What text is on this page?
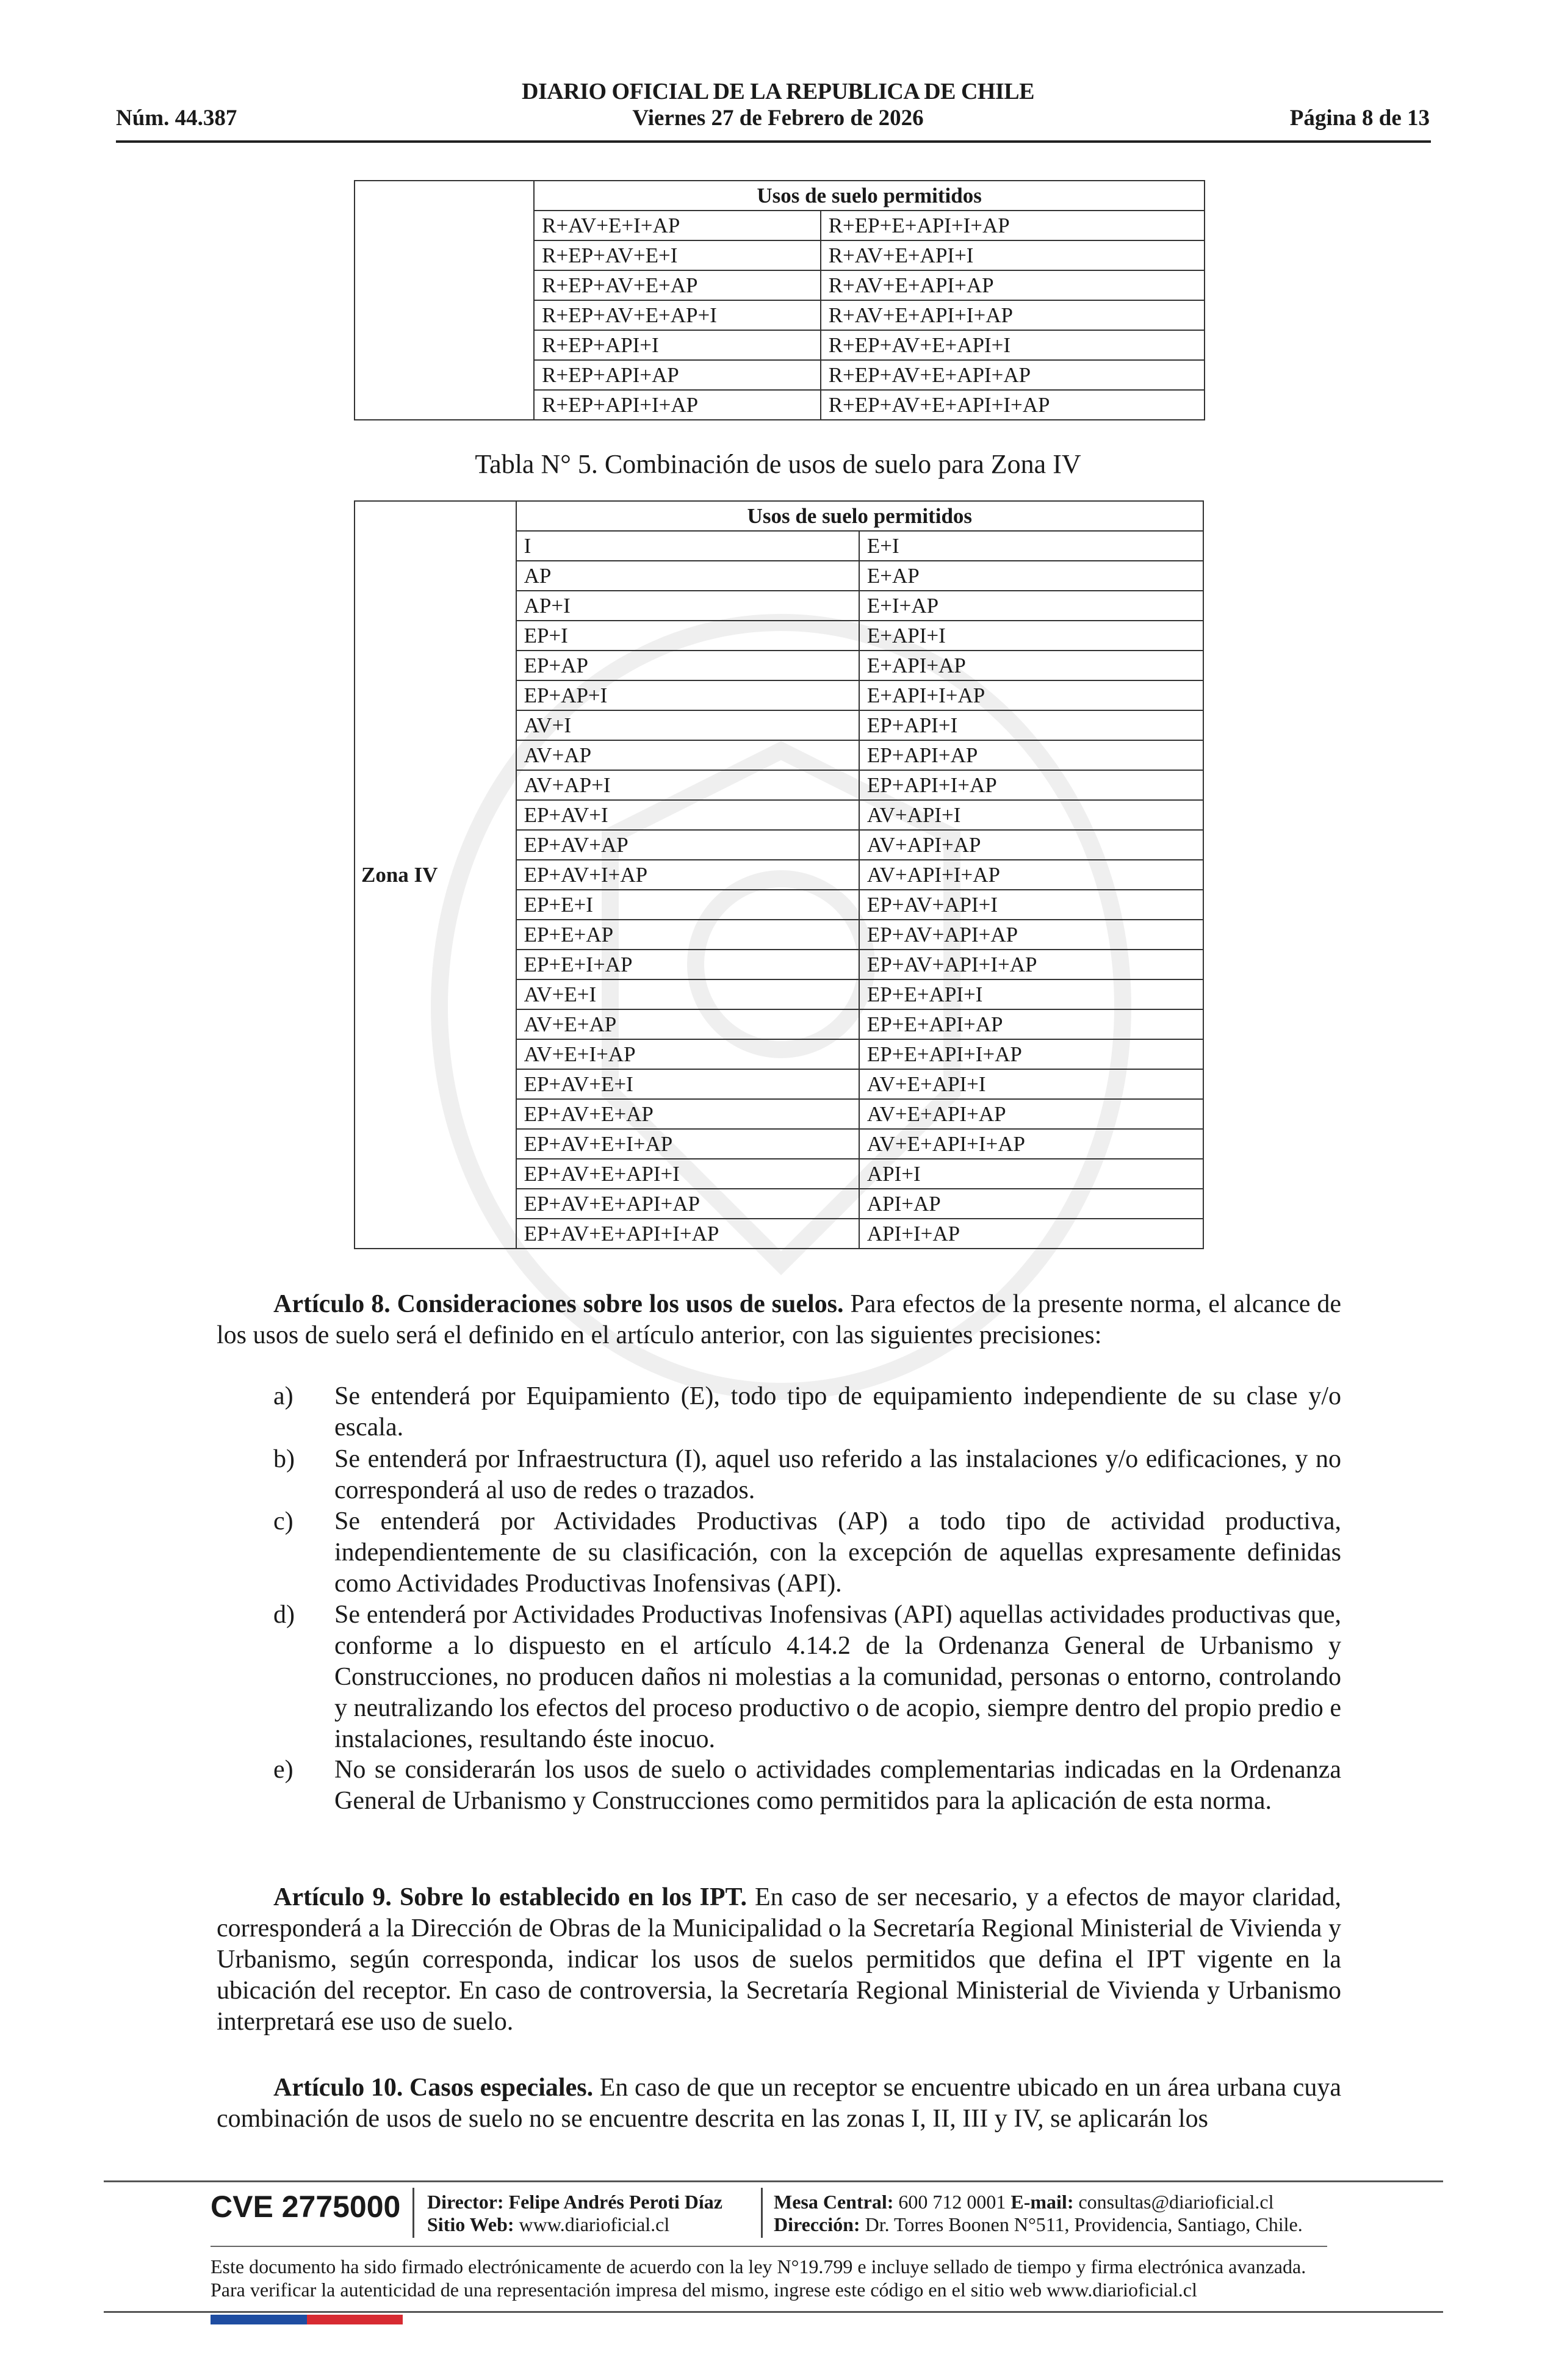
DIARIO OFICIAL DE LA REPUBLICA DE CHILE
Núm. 44.387	Viernes 27 de Febrero de 2026	Página 8 de 13
	Usos de suelo permitidos	
	R+AV+E+I+AP	R+EP+E+API+I+AP
	R+EP+AV+E+I	R+AV+E+API+I
	R+EP+AV+E+AP	R+AV+E+API+AP
	R+EP+AV+E+AP+I	R+AV+E+API+I+AP
	R+EP+API+I	R+EP+AV+E+API+I
	R+EP+API+AP	R+EP+AV+E+API+AP
	R+EP+API+I+AP	R+EP+AV+E+API+I+AP
Tabla N° 5. Combinación de usos de suelo para Zona IV
Zona IV	Usos de suelo permitidos	
	I	E+I
	AP	E+AP
	AP+I	E+I+AP
	EP+I	E+API+I
	EP+AP	E+API+AP
	EP+AP+I	E+API+I+AP
	AV+I	EP+API+I
	AV+AP	EP+API+AP
	AV+AP+I	EP+API+I+AP
	EP+AV+I	AV+API+I
	EP+AV+AP	AV+API+AP
	EP+AV+I+AP	AV+API+I+AP
	EP+E+I	EP+AV+API+I
	EP+E+AP	EP+AV+API+AP
	EP+E+I+AP	EP+AV+API+I+AP
	AV+E+I	EP+E+API+I
	AV+E+AP	EP+E+API+AP
	AV+E+I+AP	EP+E+API+I+AP
	EP+AV+E+I	AV+E+API+I
	EP+AV+E+AP	AV+E+API+AP
	EP+AV+E+I+AP	AV+E+API+I+AP
	EP+AV+E+API+I	API+I
	EP+AV+E+API+AP	API+AP
	EP+AV+E+API+I+AP	API+I+AP
Artículo 8. Consideraciones sobre los usos de suelos. Para efectos de la presente norma, el alcance de los usos de suelo será el definido en el artículo anterior, con las siguientes precisiones:
a) Se entenderá por Equipamiento (E), todo tipo de equipamiento independiente de su clase y/o escala.
b) Se entenderá por Infraestructura (I), aquel uso referido a las instalaciones y/o edificaciones, y no corresponderá al uso de redes o trazados.
c) Se entenderá por Actividades Productivas (AP) a todo tipo de actividad productiva, independientemente de su clasificación, con la excepción de aquellas expresamente definidas como Actividades Productivas Inofensivas (API).
d) Se entenderá por Actividades Productivas Inofensivas (API) aquellas actividades productivas que, conforme a lo dispuesto en el artículo 4.14.2 de la Ordenanza General de Urbanismo y Construcciones, no producen daños ni molestias a la comunidad, personas o entorno, controlando y neutralizando los efectos del proceso productivo o de acopio, siempre dentro del propio predio e instalaciones, resultando éste inocuo.
e) No se considerarán los usos de suelo o actividades complementarias indicadas en la Ordenanza General de Urbanismo y Construcciones como permitidos para la aplicación de esta norma.
Artículo 9. Sobre lo establecido en los IPT. En caso de ser necesario, y a efectos de mayor claridad, corresponderá a la Dirección de Obras de la Municipalidad o la Secretaría Regional Ministerial de Vivienda y Urbanismo, según corresponda, indicar los usos de suelos permitidos que defina el IPT vigente en la ubicación del receptor. En caso de controversia, la Secretaría Regional Ministerial de Vivienda y Urbanismo interpretará ese uso de suelo.
Artículo 10. Casos especiales. En caso de que un receptor se encuentre ubicado en un área urbana cuya combinación de usos de suelo no se encuentre descrita en las zonas I, II, III y IV, se aplicarán los
CVE 2775000 Director: Felipe Andrés Peroti Díaz
Sitio Web: www.diarioficial.cl
Mesa Central: 600 712 0001 E-mail: consultas@diarioficial.cl
Dirección: Dr. Torres Boonen N°511, Providencia, Santiago, Chile.
Este documento ha sido firmado electrónicamente de acuerdo con la ley N°19.799 e incluye sellado de tiempo y firma electrónica avanzada. Para verificar la autenticidad de una representación impresa del mismo, ingrese este código en el sitio web www.diarioficial.cl
